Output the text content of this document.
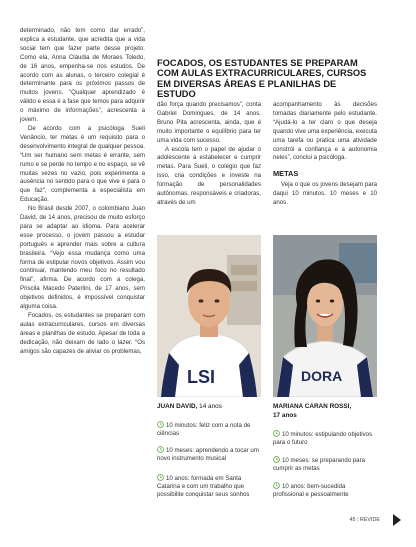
determinado, não tem como dar errado”, explica a estudante, que acredita que a vida social tem que fazer parte desse projeto. Como ela, Anna Cláudia de Moraes Toledo, de 16 anos, empenha-se nos estudos. De acordo com as alunas, o terceiro colegial é determinante para os próximos passos de muitos jovens. “Qualquer aprendizado é válido e essa é a fase que temos para adquirir o máximo de informações”, acrescenta a jovem.

De acordo com a psicóloga Sueli Venâncio, ter metas é um requisito para o desenvolvimento integral de qualquer pessoa. “Um ser humano sem metas é errante, sem rumo e se perde no tempo e no espaço, se vê muitas vezes no vazio, pois experimenta a ausência no sentido para o que vive e para o que faz”, complementa a especialista em Educação.

No Brasil desde 2007, o colombiano Juan David, de 14 anos, precisou de muito esforço para se adaptar ao idioma. Para acelerar esse processo, o jovem passou a estudar português e aprender mais sobre a cultura brasileira. “Vejo essa mudança como uma forma de estipular novos objetivos. Assim vou continuar, mantendo meu foco no resultado final”, afirma. De acordo com a colega, Priscila Macedo Paterlini, de 17 anos, sem objetivos definidos, é impossível conquistar alguma coisa.

Focados, os estudantes se preparam com aulas extracurriculares, cursos em diversas áreas e planilhas de estudo. Apesar de toda a dedicação, não deixam de lado o lazer. “Os amigos são capazes de aliviar os problemas,

FOCADOS, OS ESTUDANTES SE PREPARAM COM AULAS EXTRACURRICULARES, CURSOS EM DIVERSAS ÁREAS E PLANILHAS DE ESTUDO

dão força quando precisamos”, conta Gabriel Domingues, de 14 anos. Bruno Pita acrescenta, ainda, que é muito importante o equilíbrio para ter uma vida com sucesso.

A escola tem o papel de ajudar o adolescente a estabelecer e cumprir metas. Para Sueli, o colégio que faz isso, cria condições e investe na formação de personalidades autônomas, responsáveis e criadoras, através de um

acompanhamento às decisões tomadas diariamente pelo estudante. “Ajudá-lo a ter claro o que deseja quando vive uma experiência, executa uma tarefa ou pratica uma atividade constrói a confiança e a autonomia neles”, conclui a psicóloga.

METAS

Veja o que os jovens desejam para daqui 10 minutos, 10 meses e 10 anos.

LSI	DORA
JUAN DAVID, 14 anos
10 minutos: feliz com a nota de ciências
10 meses: aprendendo a tocar um novo instrumento musical
10 anos: formada em Santa Catarina e com um trabalho que possibilite conquistar seus sonhos
MARIANA CARAN ROSSI,
17 anos
10 minutos: estipulando objetivos para o futuro
10 meses: se preparando para cumprir as metas
10 anos: bem-sucedida profissional e pessoalmente
45 | REVIDE
